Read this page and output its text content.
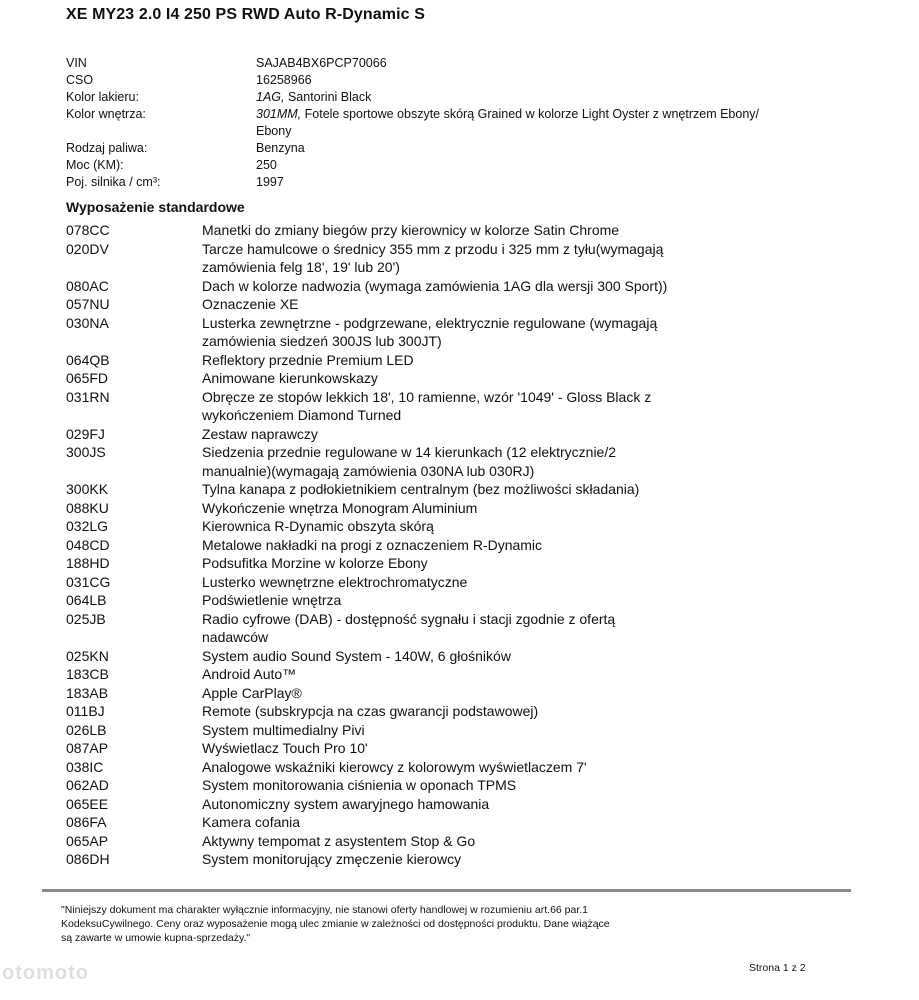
XE MY23 2.0 I4 250 PS RWD Auto R-Dynamic S
VIN	SAJAB4BX6PCP70066
CSO	16258966
Kolor lakieru:	1AG, Santorini Black
Kolor wnętrza:	301MM, Fotele sportowe obszyte skórą Grained w kolorze Light Oyster z wnętrzem Ebony/
Ebony
Rodzaj paliwa:	Benzyna
Moc (KM):	250
Poj. silnika / cm³:	1997
Wyposażenie standardowe
078CC	Manetki do zmiany biegów przy kierownicy w kolorze Satin Chrome
020DV	Tarcze hamulcowe o średnicy 355 mm z przodu i 325 mm z tyłu(wymagają
zamówienia felg 18', 19' lub 20')
080AC	Dach w kolorze nadwozia (wymaga zamówienia 1AG dla wersji 300 Sport))
057NU	Oznaczenie XE
030NA	Lusterka zewnętrzne - podgrzewane, elektrycznie regulowane (wymagają
zamówienia siedzeń 300JS lub 300JT)
064QB	Reflektory przednie Premium LED
065FD	Animowane kierunkowskazy
031RN	Obręcze ze stopów lekkich 18', 10 ramienne, wzór '1049' - Gloss Black z
wykończeniem Diamond Turned
029FJ	Zestaw naprawczy
300JS	Siedzenia przednie regulowane w 14 kierunkach (12 elektrycznie/2
manualnie)(wymagają zamówienia 030NA lub 030RJ)
300KK	Tylna kanapa z podłokietnikiem centralnym (bez możliwości składania)
088KU	Wykończenie wnętrza Monogram Aluminium
032LG	Kierownica R-Dynamic obszyta skórą
048CD	Metalowe nakładki na progi z oznaczeniem R-Dynamic
188HD	Podsufitka Morzine w kolorze Ebony
031CG	Lusterko wewnętrzne elektrochromatyczne
064LB	Podświetlenie wnętrza
025JB	Radio cyfrowe (DAB) - dostępność sygnału i stacji zgodnie z ofertą
nadawców
025KN	System audio Sound System - 140W, 6 głośników
183CB	Android Auto™
183AB	Apple CarPlay®
011BJ	Remote (subskrypcja na czas gwarancji podstawowej)
026LB	System multimedialny Pivi
087AP	Wyświetlacz Touch Pro 10'
038IC	Analogowe wskaźniki kierowcy z kolorowym wyświetlaczem 7'
062AD	System monitorowania ciśnienia w oponach TPMS
065EE	Autonomiczny system awaryjnego hamowania
086FA	Kamera cofania
065AP	Aktywny tempomat z asystentem Stop & Go
086DH	System monitorujący zmęczenie kierowcy
"Niniejszy dokument ma charakter wyłącznie informacyjny, nie stanowi oferty handlowej w rozumieniu art.66 par.1
KodeksuCywilnego. Ceny oraz wyposażenie mogą ulec zmianie w zależności od dostępności produktu. Dane wiążące
są zawarte w umowie kupna-sprzedaży."
Strona 1 z 2
otomoto
